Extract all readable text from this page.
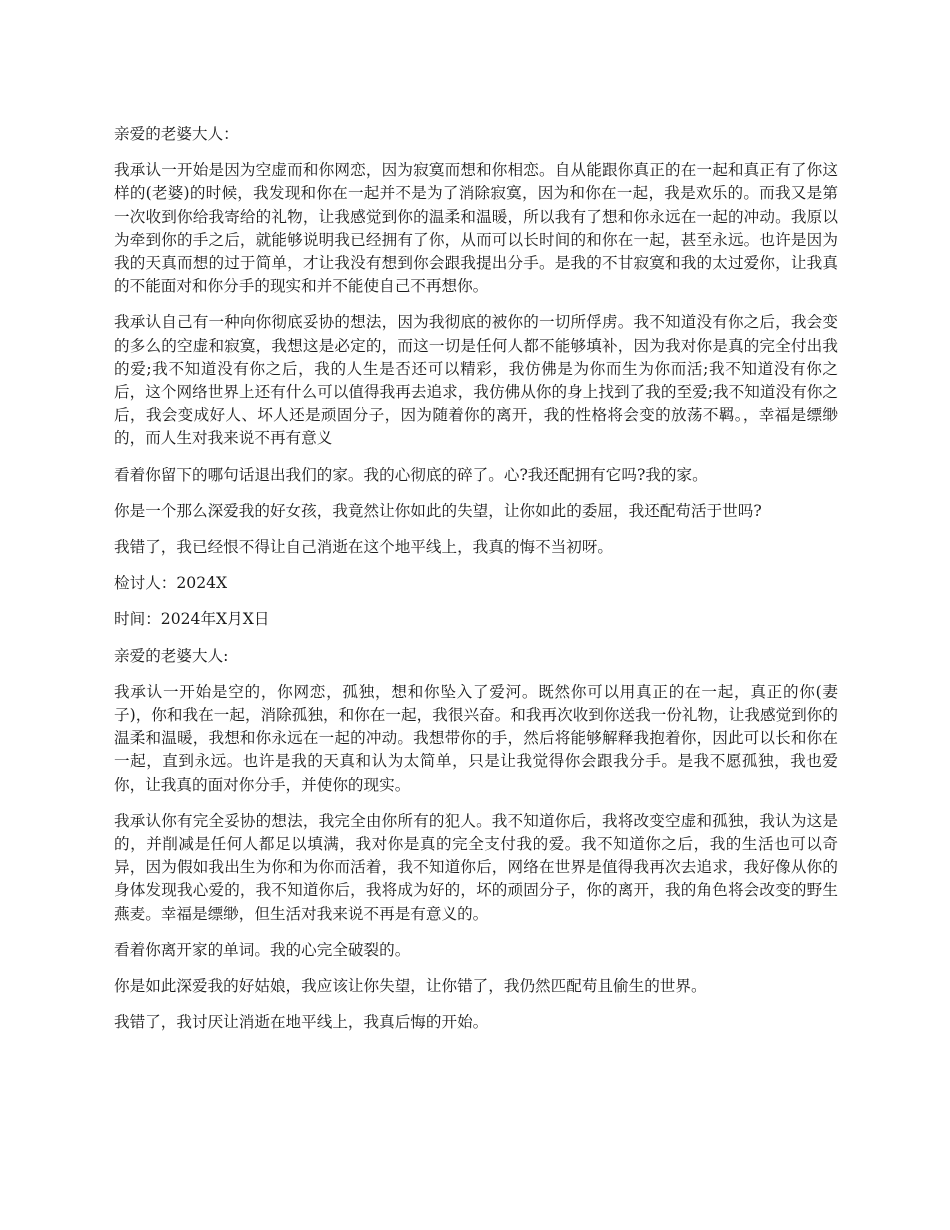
亲爱的老婆大人：

我承认一开始是因为空虚而和你网恋，因为寂寞而想和你相恋。自从能跟你真正的在一起和真正有了你这样的(老婆)的时候，我发现和你在一起并不是为了消除寂寞，因为和你在一起，我是欢乐的。而我又是第一次收到你给我寄给的礼物，让我感觉到你的温柔和温暖，所以我有了想和你永远在一起的冲动。我原以为牵到你的手之后，就能够说明我已经拥有了你，从而可以长时间的和你在一起，甚至永远。也许是因为我的天真而想的过于简单，才让我没有想到你会跟我提出分手。是我的不甘寂寞和我的太过爱你，让我真的不能面对和你分手的现实和并不能使自己不再想你。

我承认自己有一种向你彻底妥协的想法，因为我彻底的被你的一切所俘虏。我不知道没有你之后，我会变的多么的空虚和寂寞，我想这是必定的，而这一切是任何人都不能够填补，因为我对你是真的完全付出我的爱;我不知道没有你之后，我的人生是否还可以精彩，我仿佛是为你而生为你而活;我不知道没有你之后，这个网络世界上还有什么可以值得我再去追求，我仿佛从你的身上找到了我的至爱;我不知道没有你之后，我会变成好人、坏人还是顽固分子，因为随着你的离开，我的性格将会变的放荡不羁。，幸福是缥缈的，而人生对我来说不再有意义

看着你留下的哪句话退出我们的家。我的心彻底的碎了。心?我还配拥有它吗?我的家。

你是一个那么深爱我的好女孩，我竟然让你如此的失望，让你如此的委屈，我还配苟活于世吗?

我错了，我已经恨不得让自己消逝在这个地平线上，我真的悔不当初呀。

检讨人：2024X

时间：2024年X月X日

亲爱的老婆大人:

我承认一开始是空的，你网恋，孤独，想和你坠入了爱河。既然你可以用真正的在一起，真正的你(妻子)，你和我在一起，消除孤独，和你在一起，我很兴奋。和我再次收到你送我一份礼物，让我感觉到你的温柔和温暖，我想和你永远在一起的冲动。我想带你的手，然后将能够解释我抱着你，因此可以长和你在一起，直到永远。也许是我的天真和认为太简单，只是让我觉得你会跟我分手。是我不愿孤独，我也爱你，让我真的面对你分手，并使你的现实。

我承认你有完全妥协的想法，我完全由你所有的犯人。我不知道你后，我将改变空虚和孤独，我认为这是的，并削减是任何人都足以填满，我对你是真的完全支付我的爱。我不知道你之后，我的生活也可以奇异，因为假如我出生为你和为你而活着，我不知道你后，网络在世界是值得我再次去追求，我好像从你的身体发现我心爱的，我不知道你后，我将成为好的，坏的顽固分子，你的离开，我的角色将会改变的野生燕麦。幸福是缥缈，但生活对我来说不再是有意义的。

看着你离开家的单词。我的心完全破裂的。

你是如此深爱我的好姑娘，我应该让你失望，让你错了，我仍然匹配苟且偷生的世界。

我错了，我讨厌让消逝在地平线上，我真后悔的开始。
